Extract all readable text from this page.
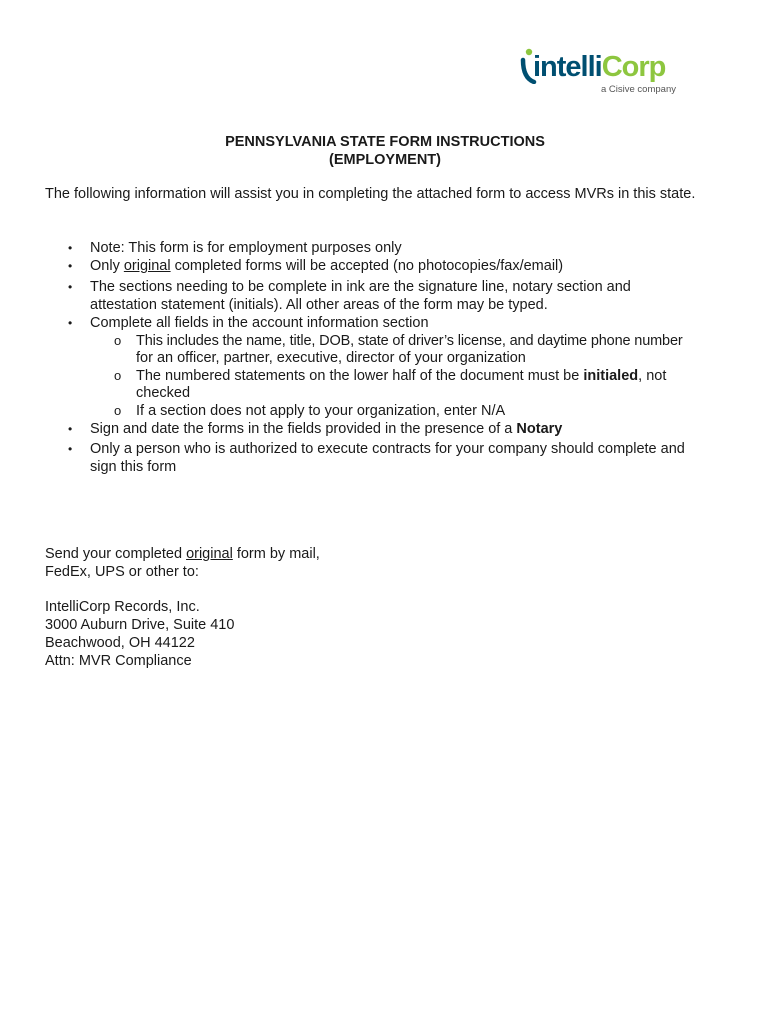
intelliCorp
a Cisive company
PENNSYLVANIA STATE FORM INSTRUCTIONS
(EMPLOYMENT)
The following information will assist you in completing the attached form to access MVRs in this state.
• Note: This form is for employment purposes only
• Only original completed forms will be accepted (no photocopies/fax/email)
• The sections needing to be complete in ink are the signature line, notary section and
attestation statement (initials). All other areas of the form may be typed.
• Complete all fields in the account information section
o This includes the name, title, DOB, state of driver’s license, and daytime phone number
for an officer, partner, executive, director of your organization
o The numbered statements on the lower half of the document must be initialed, not
checked
o If a section does not apply to your organization, enter N/A
• Sign and date the forms in the fields provided in the presence of a Notary
• Only a person who is authorized to execute contracts for your company should complete and
sign this form
Send your completed original form by mail,
FedEx, UPS or other to:
IntelliCorp Records, Inc.
3000 Auburn Drive, Suite 410
Beachwood, OH 44122
Attn: MVR Compliance
